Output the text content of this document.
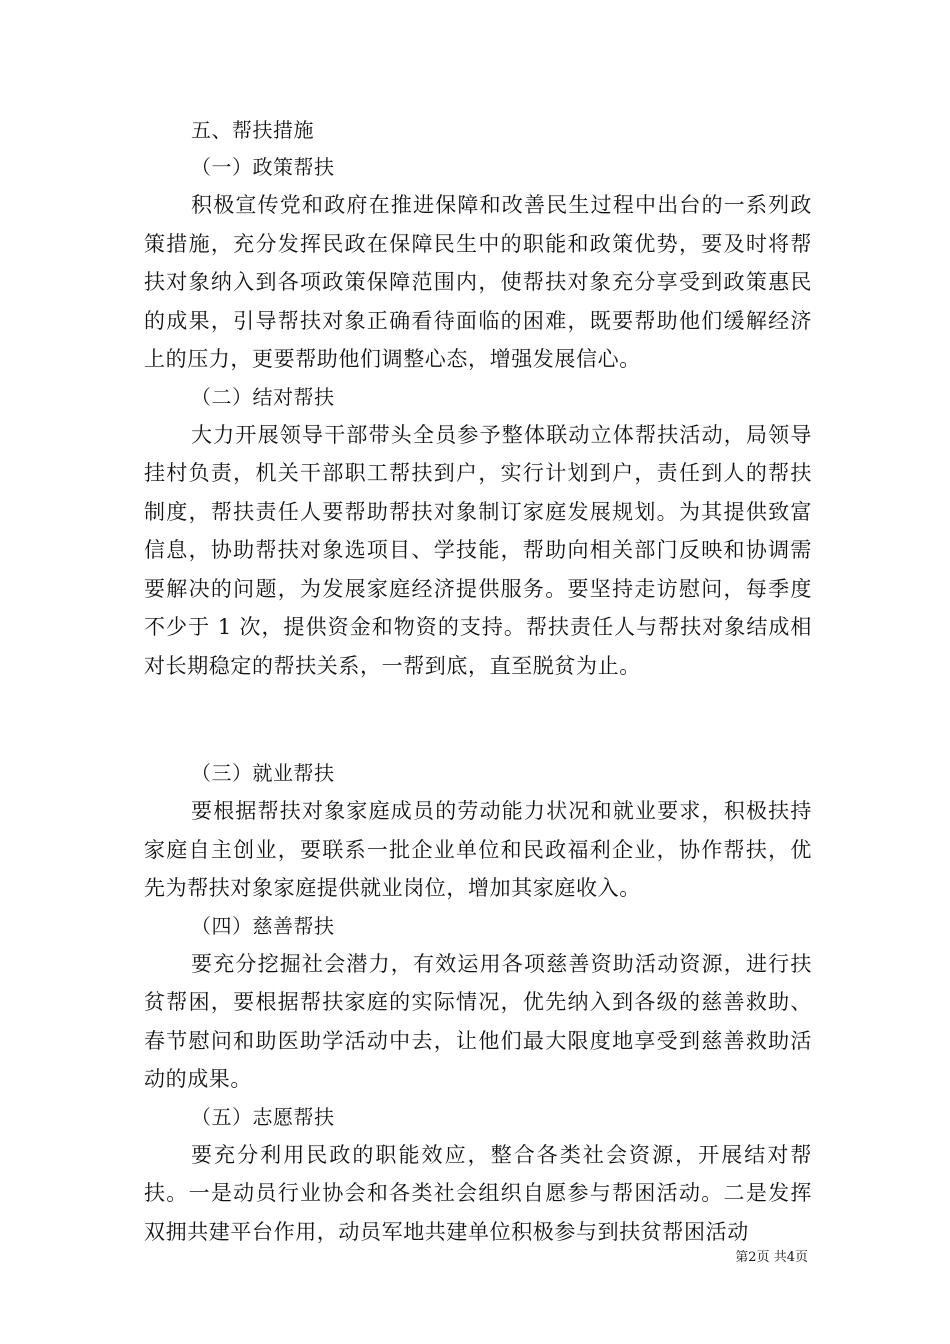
五、帮扶措施
（一）政策帮扶

积极宣传党和政府在推进保障和改善民生过程中出台的一系列政策措施，充分发挥民政在保障民生中的职能和政策优势，要及时将帮扶对象纳入到各项政策保障范围内，使帮扶对象充分享受到政策惠民的成果，引导帮扶对象正确看待面临的困难，既要帮助他们缓解经济上的压力，更要帮助他们调整心态，增强发展信心。

（二）结对帮扶

大力开展领导干部带头全员参予整体联动立体帮扶活动，局领导挂村负责，机关干部职工帮扶到户，实行计划到户，责任到人的帮扶制度，帮扶责任人要帮助帮扶对象制订家庭发展规划。为其提供致富信息，协助帮扶对象选项目、学技能，帮助向相关部门反映和协调需要解决的问题，为发展家庭经济提供服务。要坚持走访慰问，每季度不少于 1 次，提供资金和物资的支持。帮扶责任人与帮扶对象结成相对长期稳定的帮扶关系，一帮到底，直至脱贫为止。

（三）就业帮扶

要根据帮扶对象家庭成员的劳动能力状况和就业要求，积极扶持家庭自主创业，要联系一批企业单位和民政福利企业，协作帮扶，优先为帮扶对象家庭提供就业岗位，增加其家庭收入。

（四）慈善帮扶

要充分挖掘社会潜力，有效运用各项慈善资助活动资源，进行扶贫帮困，要根据帮扶家庭的实际情况，优先纳入到各级的慈善救助、春节慰问和助医助学活动中去，让他们最大限度地享受到慈善救助活动的成果。

（五）志愿帮扶

要充分利用民政的职能效应，整合各类社会资源，开展结对帮扶。一是动员行业协会和各类社会组织自愿参与帮困活动。二是发挥双拥共建平台作用，动员军地共建单位积极参与到扶贫帮困活动

第2页 共4页
